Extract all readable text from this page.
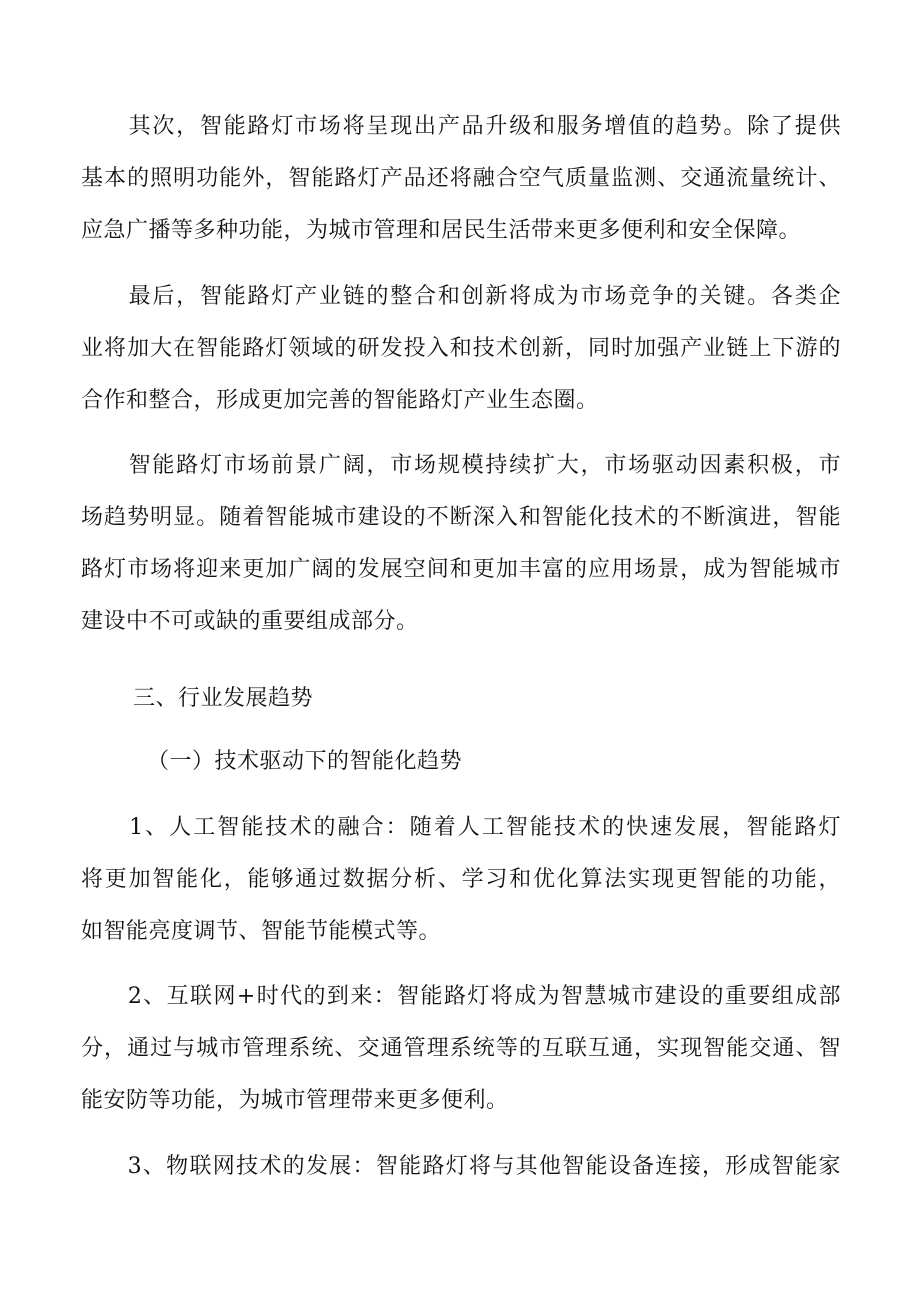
　　其次，智能路灯市场将呈现出产品升级和服务增值的趋势。除了提供
基本的照明功能外，智能路灯产品还将融合空气质量监测、交通流量统计、
应急广播等多种功能，为城市管理和居民生活带来更多便利和安全保障。
　　最后，智能路灯产业链的整合和创新将成为市场竞争的关键。各类企
业将加大在智能路灯领域的研发投入和技术创新，同时加强产业链上下游的
合作和整合，形成更加完善的智能路灯产业生态圈。
　　智能路灯市场前景广阔，市场规模持续扩大，市场驱动因素积极，市
场趋势明显。随着智能城市建设的不断深入和智能化技术的不断演进，智能
路灯市场将迎来更加广阔的发展空间和更加丰富的应用场景，成为智能城市
建设中不可或缺的重要组成部分。
三、行业发展趋势
（一）技术驱动下的智能化趋势
　　1、人工智能技术的融合：随着人工智能技术的快速发展，智能路灯
将更加智能化，能够通过数据分析、学习和优化算法实现更智能的功能，
如智能亮度调节、智能节能模式等。
　　2、互联网+时代的到来：智能路灯将成为智慧城市建设的重要组成部
分，通过与城市管理系统、交通管理系统等的互联互通，实现智能交通、智
能安防等功能，为城市管理带来更多便利。
　　3、物联网技术的发展：智能路灯将与其他智能设备连接，形成智能家
